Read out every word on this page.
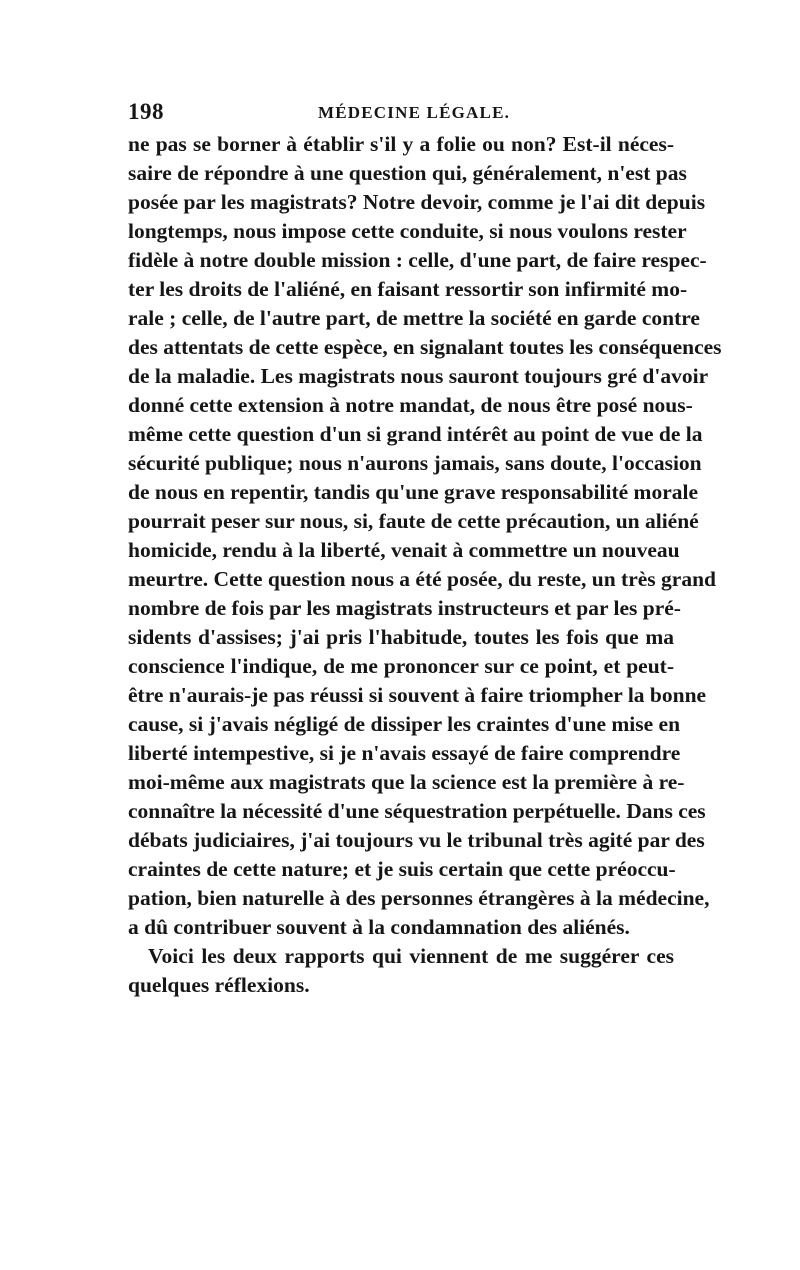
198	MÉDECINE LÉGALE.
ne pas se borner à établir s'il y a folie ou non? Est-il néces-
saire de répondre à une question qui, généralement, n'est pas
posée par les magistrats? Notre devoir, comme je l'ai dit depuis
longtemps, nous impose cette conduite, si nous voulons rester
fidèle à notre double mission : celle, d'une part, de faire respec-
ter les droits de l'aliéné, en faisant ressortir son infirmité mo-
rale ; celle, de l'autre part, de mettre la société en garde contre
des attentats de cette espèce, en signalant toutes les conséquences
de la maladie. Les magistrats nous sauront toujours gré d'avoir
donné cette extension à notre mandat, de nous être posé nous-
même cette question d'un si grand intérêt au point de vue de la
sécurité publique; nous n'aurons jamais, sans doute, l'occasion
de nous en repentir, tandis qu'une grave responsabilité morale
pourrait peser sur nous, si, faute de cette précaution, un aliéné
homicide, rendu à la liberté, venait à commettre un nouveau
meurtre. Cette question nous a été posée, du reste, un très grand
nombre de fois par les magistrats instructeurs et par les pré-
sidents d'assises; j'ai pris l'habitude, toutes les fois que ma
conscience l'indique, de me prononcer sur ce point, et peut-
être n'aurais-je pas réussi si souvent à faire triompher la bonne
cause, si j'avais négligé de dissiper les craintes d'une mise en
liberté intempestive, si je n'avais essayé de faire comprendre
moi-même aux magistrats que la science est la première à re-
connaître la nécessité d'une séquestration perpétuelle. Dans ces
débats judiciaires, j'ai toujours vu le tribunal très agité par des
craintes de cette nature; et je suis certain que cette préoccu-
pation, bien naturelle à des personnes étrangères à la médecine,
a dû contribuer souvent à la condamnation des aliénés.
Voici les deux rapports qui viennent de me suggérer ces
quelques réflexions.
